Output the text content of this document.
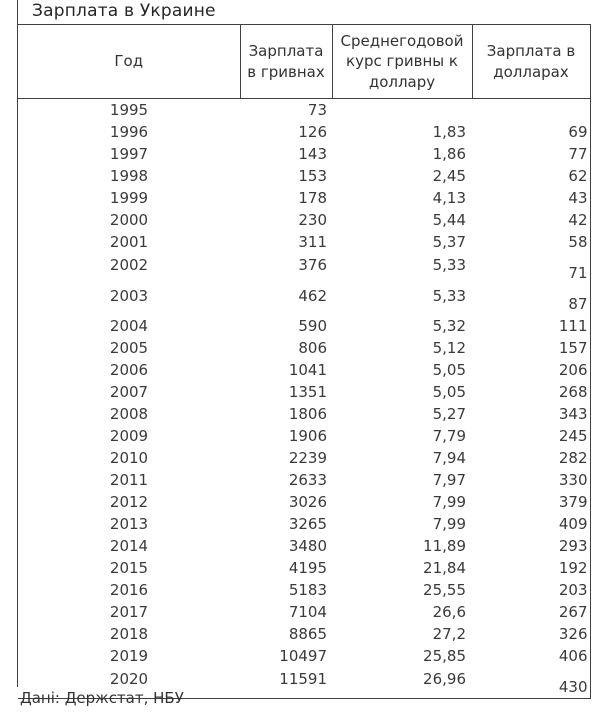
Зарплата в Украине
Год	Зарплата в гривнах	Среднегодовой курс гривны к доллару	Зарплата в долларах
1995	73		
1996	126	1,83	69
1997	143	1,86	77
1998	153	2,45	62
1999	178	4,13	43
2000	230	5,44	42
2001	311	5,37	58
2002	376	5,33	71
2003	462	5,33	87
2004	590	5,32	111
2005	806	5,12	157
2006	1041	5,05	206
2007	1351	5,05	268
2008	1806	5,27	343
2009	1906	7,79	245
2010	2239	7,94	282
2011	2633	7,97	330
2012	3026	7,99	379
2013	3265	7,99	409
2014	3480	11,89	293
2015	4195	21,84	192
2016	5183	25,55	203
2017	7104	26,6	267
2018	8865	27,2	326
2019	10497	25,85	406
2020	11591	26,96	430
Дані: Держстат, НБУ
